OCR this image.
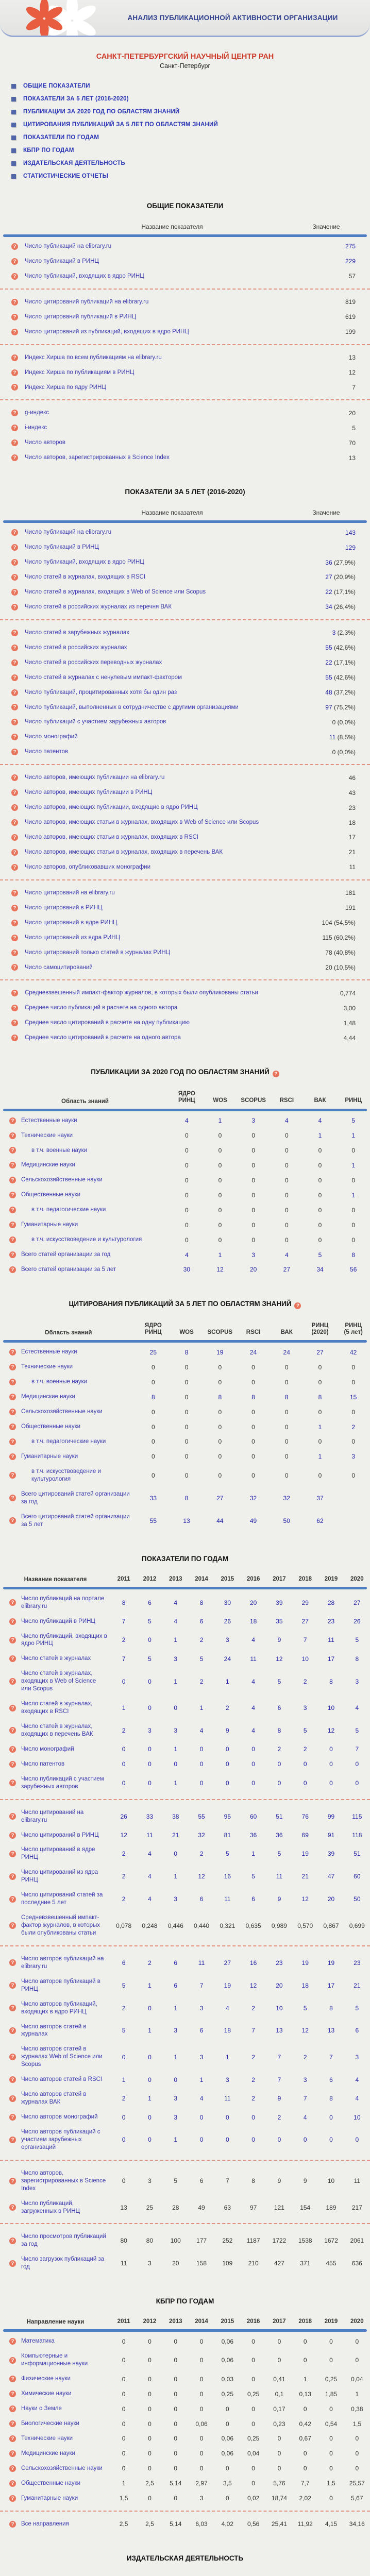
АНАЛИЗ ПУБЛИКАЦИОННОЙ АКТИВНОСТИ ОРГАНИЗАЦИИ
САНКТ-ПЕТЕРБУРГСКИЙ НАУЧНЫЙ ЦЕНТР РАН
Санкт-Петербург
ОБЩИЕ ПОКАЗАТЕЛИ
ПОКАЗАТЕЛИ ЗА 5 ЛЕТ (2016-2020)
ПУБЛИКАЦИИ ЗА 2020 ГОД ПО ОБЛАСТЯМ ЗНАНИЙ
ЦИТИРОВАНИЯ ПУБЛИКАЦИЙ ЗА 5 ЛЕТ ПО ОБЛАСТЯМ ЗНАНИЙ
ПОКАЗАТЕЛИ ПО ГОДАМ
КБПР ПО ГОДАМ
ИЗДАТЕЛЬСКАЯ ДЕЯТЕЛЬНОСТЬ
СТАТИСТИЧЕСКИЕ ОТЧЕТЫ
ОБЩИЕ ПОКАЗАТЕЛИ
Название показателя	Значение
?	Число публикаций на elibrary.ru	275
?	Число публикаций в РИНЦ	229
?	Число публикаций, входящих в ядро РИНЦ	57
?	Число цитирований публикаций на elibrary.ru	819
?	Число цитирований публикаций в РИНЦ	619
?	Число цитирований из публикаций, входящих в ядро РИНЦ	199
?	Индекс Хирша по всем публикациям на elibrary.ru	13
?	Индекс Хирша по публикациям в РИНЦ	12
?	Индекс Хирша по ядру РИНЦ	7
?	g-индекс	20
?	i-индекс	5
?	Число авторов	70
?	Число авторов, зарегистрированных в Science Index	13
ПОКАЗАТЕЛИ ЗА 5 ЛЕТ (2016-2020)
Название показателя	Значение
?	Число публикаций на elibrary.ru	143
?	Число публикаций в РИНЦ	129
?	Число публикаций, входящих в ядро РИНЦ	36 (27,9%)
?	Число статей в журналах, входящих в RSCI	27 (20,9%)
?	Число статей в журналах, входящих в Web of Science или Scopus	22 (17,1%)
?	Число статей в российских журналах из перечня ВАК	34 (26,4%)
?	Число статей в зарубежных журналах	3 (2,3%)
?	Число статей в российских журналах	55 (42,6%)
?	Число статей в российских переводных журналах	22 (17,1%)
?	Число статей в журналах с ненулевым импакт-фактором	55 (42,6%)
?	Число публикаций, процитированных хотя бы один раз	48 (37,2%)
?	Число публикаций, выполненных в сотрудничестве с другими организациями	97 (75,2%)
?	Число публикаций с участием зарубежных авторов	0 (0,0%)
?	Число монографий	11 (8,5%)
?	Число патентов	0 (0,0%)
?	Число авторов, имеющих публикации на elibrary.ru	46
?	Число авторов, имеющих публикации в РИНЦ	43
?	Число авторов, имеющих публикации, входящие в ядро РИНЦ	23
?	Число авторов, имеющих статьи в журналах, входящих в Web of Science или Scopus	18
?	Число авторов, имеющих статьи в журналах, входящих в RSCI	17
?	Число авторов, имеющих статьи в журналах, входящих в перечень ВАК	21
?	Число авторов, опубликовавших монографии	11
?	Число цитирований на elibrary.ru	181
?	Число цитирований в РИНЦ	191
?	Число цитирований в ядре РИНЦ	104 (54,5%)
?	Число цитирований из ядра РИНЦ	115 (60,2%)
?	Число цитирований только статей в журналах РИНЦ	78 (40,8%)
?	Число самоцитирований	20 (10,5%)
?	Средневзвешенный импакт-фактор журналов, в которых были опубликованы статьи	0,774
?	Среднее число публикаций в расчете на одного автора	3,00
?	Среднее число цитирований в расчете на одну публикацию	1,48
?	Среднее число цитирований в расчете на одного автора	4,44
ПУБЛИКАЦИИ ЗА 2020 ГОД ПО ОБЛАСТЯМ ЗНАНИЙ ?
Область знаний
ЯДРО
РИНЦ	WOS	SCOPUS	RSCI	ВАК	РИНЦ
?	Естественные науки	4	1	3	4	4	5
?	Технические науки	0	0	0	0	1	1
?	в т.ч. военные науки	0	0	0	0	0	0
?	Медицинские науки	0	0	0	0	0	1
?	Сельскохозяйственные науки	0	0	0	0	0	0
?	Общественные науки	0	0	0	0	0	1
?	в т.ч. педагогические науки	0	0	0	0	0	0
?	Гуманитарные науки	0	0	0	0	0	0
?	в т.ч. искусствоведение и культурология	0	0	0	0	0	0
?	Всего статей организации за год	4	1	3	4	5	8
?	Всего статей организации за 5 лет	30	12	20	27	34	56
ЦИТИРОВАНИЯ ПУБЛИКАЦИЙ ЗА 5 ЛЕТ ПО ОБЛАСТЯМ ЗНАНИЙ ?
Область знаний
ЯДРО
РИНЦ	WOS	SCOPUS	RSCI	ВАК
РИНЦ
(2020)
РИНЦ
(5 лет)
?	Естественные науки	25	8	19	24	24	27	42
?	Технические науки	0	0	0	0	0	0	0
?	в т.ч. военные науки	0	0	0	0	0	0	0
?	Медицинские науки	8	0	8	8	8	8	15
?	Сельскохозяйственные науки	0	0	0	0	0	0	0
?	Общественные науки	0	0	0	0	0	1	2
?	в т.ч. педагогические науки	0	0	0	0	0	0	0
?	Гуманитарные науки	0	0	0	0	0	1	3
?
в т.ч. искусствоведение и культурология	0	0	0	0	0	0	0
?
Всего цитирований статей организации за год	33	8	27	32	32	37
?
Всего цитирований статей организации за 5 лет	55	13	44	49	50	62
ПОКАЗАТЕЛИ ПО ГОДАМ
Название показателя	2011	2012	2013	2014	2015	2016	2017	2018	2019	2020
?
Число публикаций на портале elibrary.ru	8	6	4	8	30	20	39	29	28	27
?	Число публикаций в РИНЦ	7	5	4	6	26	18	35	27	23	26
?
Число публикаций, входящих в ядро РИНЦ	2	0	1	2	3	4	9	7	11	5
?	Число статей в журналах	7	5	3	5	24	11	12	10	17	8
?
Число статей в журналах, входящих в Web of Science или Scopus
0	0	1	2	1	4	5	2	8	3
?
Число статей в журналах, входящих в RSCI	1	0	0	1	2	4	6	3	10	4
?
Число статей в журналах, входящих в перечень ВАК	2	3	3	4	9	4	8	5	12	5
?	Число монографий	0	0	1	0	0	0	2	2	0	7
?	Число патентов	0	0	0	0	0	0	0	0	0	0
?
Число публикаций с участием зарубежных авторов	0	0	1	0	0	0	0	0	0	0
?
Число цитирований на elibrary.ru	26	33	38	55	95	60	51	76	99	115
?	Число цитирований в РИНЦ	12	11	21	32	81	36	36	69	91	118
?
Число цитирований в ядре РИНЦ	2	4	0	2	5	1	5	19	39	51
?
Число цитирований из ядра РИНЦ	2	4	1	12	16	5	11	21	47	60
?
Число цитирований статей за последние 5 лет	2	4	3	6	11	6	9	12	20	50
?
Средневзвешенный импакт-фактор журналов, в которых были опубликованы статьи
0,078	0,248	0,446	0,440	0,321	0,635	0,989	0,570	0,867	0,699
?
Число авторов публикаций на elibrary.ru	6	2	6	11	27	16	23	19	19	23
?
Число авторов публикаций в РИНЦ	5	1	6	7	19	12	20	18	17	21
?
Число авторов публикаций, входящих в ядро РИНЦ	2	0	1	3	4	2	10	5	8	5
?
Число авторов статей в журналах	5	1	3	6	18	7	13	12	13	6
?
Число авторов статей в журналах Web of Science или Scopus
0	0	1	3	1	2	7	2	7	3
?	Число авторов статей в RSCI	1	0	0	1	3	2	7	3	6	4
?
Число авторов статей в журналах ВАК	2	1	3	4	11	2	9	7	8	4
?	Число авторов монографий	0	0	3	0	0	0	2	4	0	10
?
Число авторов публикаций с участием зарубежных организаций
0	0	1	0	0	0	0	0	0	0
?
Число авторов, зарегистрированных в Science Index
0	3	5	6	7	8	9	9	10	11
?
Число публикаций, загруженных в РИНЦ	13	25	28	49	63	97	121	154	189	217
?
Число просмотров публикаций за год	80	80	100	177	252	1187	1722	1538	1672	2061
?
Число загрузок публикаций за год	11	3	20	158	109	210	427	371	455	636
КБПР ПО ГОДАМ
Направление науки	2011	2012	2013	2014	2015	2016	2017	2018	2019	2020
?	Математика	0	0	0	0	0,06	0	0	0	0	0
?
Компьютерные и информационные науки	0	0	0	0	0,06	0	0	0	0	0
?	Физические науки	0	0	0	0	0,03	0	0,41	1	0,25	0,04
?	Химические науки	0	0	0	0	0,25	0,25	0,1	0,13	1,85	1
?	Науки о Земле	0	0	0	0	0	0	0,17	0	0	0,38
?	Биологические науки	0	0	0	0,06	0	0	0,23	0,42	0,54	1,5
?	Технические науки	0	0	0	0	0,06	0,25	0	0,67	0	0
?	Медицинские науки	0	0	0	0	0,06	0,04	0	0	0	0
?	Сельскохозяйственные науки	0	0	0	0	0	0	0	0	0	0
?	Общественные науки	1	2,5	5,14	2,97	3,5	0	5,76	7,7	1,5	25,57
?	Гуманитарные науки	1,5	0	0	3	0	0,02	18,74	2,02	0	5,67
?	Все направления	2,5	2,5	5,14	6,03	4,02	0,56	25,41	11,92	4,15	34,16
ИЗДАТЕЛЬСКАЯ ДЕЯТЕЛЬНОСТЬ
